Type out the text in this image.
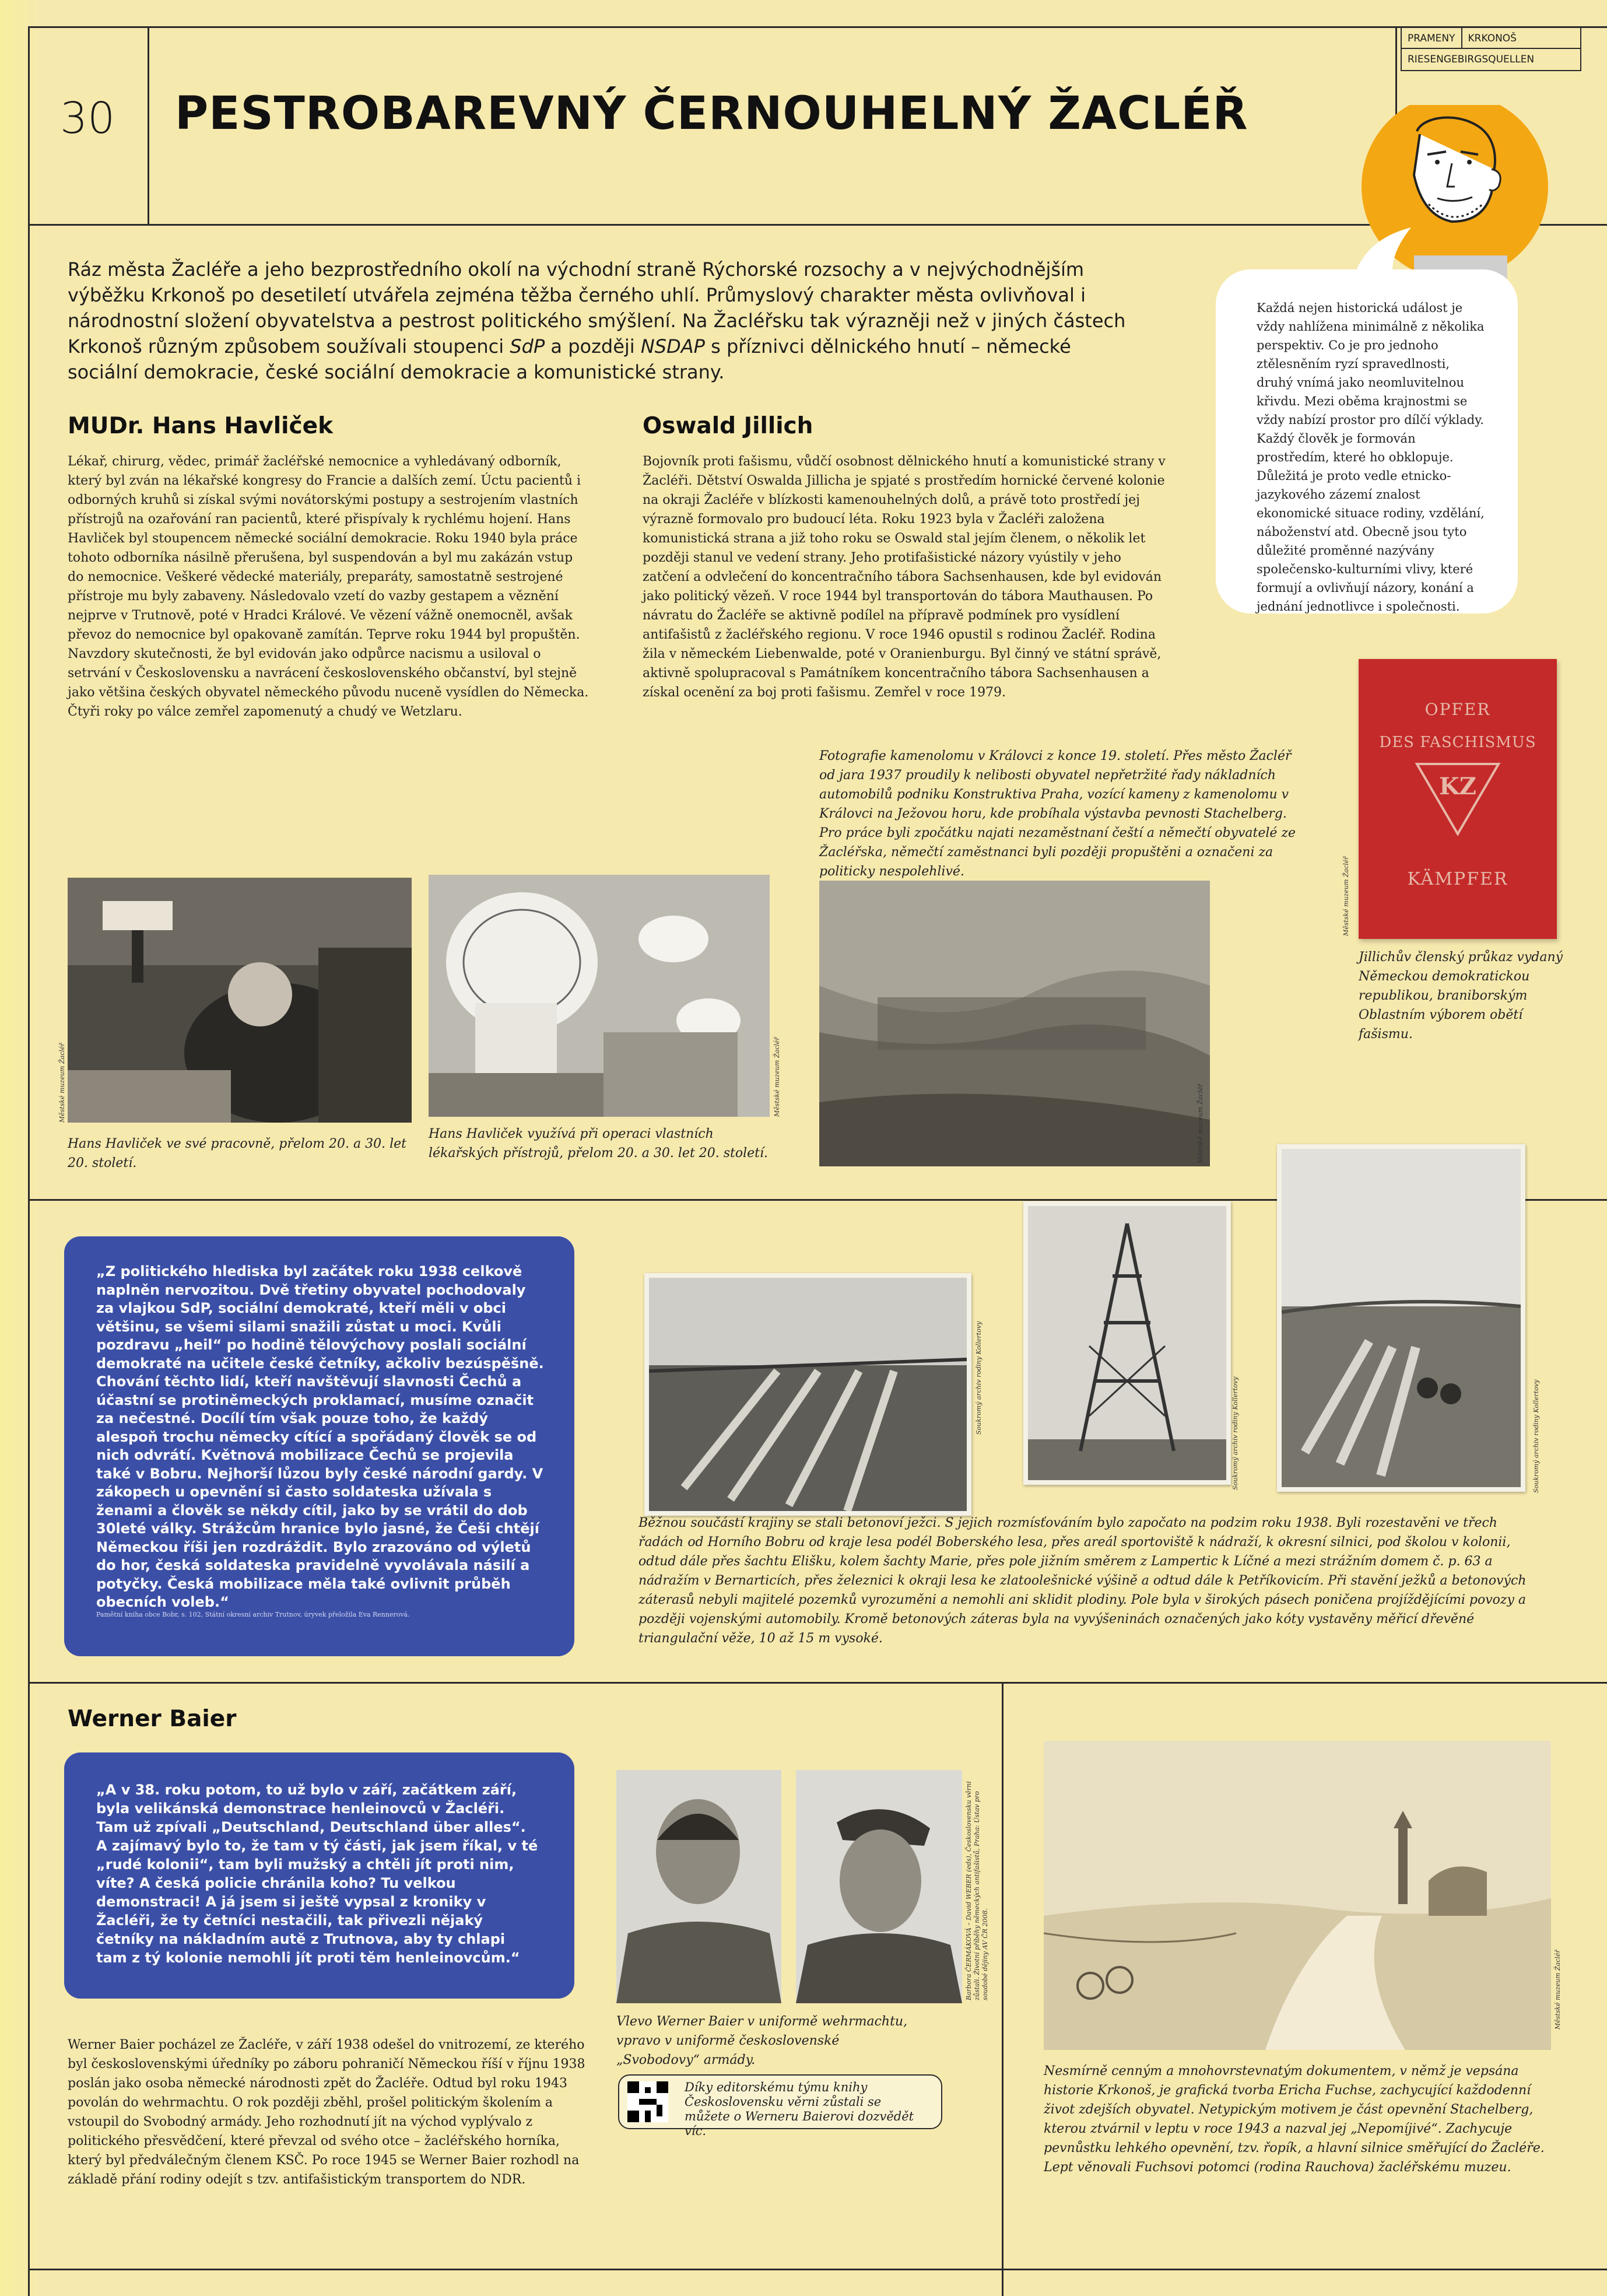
30 PESTROBAREVNÝ ČERNOUHELNÝ ŽACLÉŘ
PRAMENY	KRKONOŠ
RIESENGEBIRGSQUELLEN
Ráz města Žacléře a jeho bezprostředního okolí na východní straně Rýchorské rozsochy a v nejvýchodnějším výběžku Krkonoš po desetiletí utvářela zejména těžba černého uhlí. Průmyslový charakter města ovlivňoval i národnostní složení obyvatelstva a pestrost politického smýšlení. Na Žacléřsku tak výrazněji než v jiných částech Krkonoš různým způsobem soužívali stoupenci SdP a později NSDAP s příznivci dělnického hnutí – německé sociální demokracie, české sociální demokracie a komunistické strany.
Každá nejen historická událost je vždy nahlížena minimálně z několika perspektiv. Co je pro jednoho ztělesněním ryzí spravedlnosti, druhý vnímá jako neomluvitelnou křivdu. Mezi oběma krajnostmi se vždy nabízí prostor pro dílčí výklady. Každý člověk je formován prostředím, které ho obklopuje. Důležitá je proto vedle etnicko-jazykového zázemí znalost ekonomické situace rodiny, vzdělání, náboženství atd. Obecně jsou tyto důležité proměnné nazývány společensko-kulturními vlivy, které formují a ovlivňují názory, konání a jednání jednotlivce i společnosti.
MUDr. Hans Havliček
Lékař, chirurg, vědec, primář žacléřské nemocnice a vyhledávaný odborník, který byl zván na lékařské kongresy do Francie a dalších zemí. Úctu pacientů i odborných kruhů si získal svými novátorskými postupy a sestrojením vlastních přístrojů na ozařování ran pacientů, které přispívaly k rychlému hojení. Hans Havliček byl stoupencem německé sociální demokracie. Roku 1940 byla práce tohoto odborníka násilně přerušena, byl suspendován a byl mu zakázán vstup do nemocnice. Veškeré vědecké materiály, preparáty, samostatně sestrojené přístroje mu byly zabaveny. Následovalo vzetí do vazby gestapem a věznění nejprve v Trutnově, poté v Hradci Králové. Ve vězení vážně onemocněl, avšak převoz do nemocnice byl opakovaně zamítán. Teprve roku 1944 byl propuštěn. Navzdory skutečnosti, že byl evidován jako odpůrce nacismu a usiloval o setrvání v Československu a navrácení československého občanství, byl stejně jako většina českých obyvatel německého původu nuceně vysídlen do Německa. Čtyři roky po válce zemřel zapomenutý a chudý ve Wetzlaru.
Oswald Jillich
Bojovník proti fašismu, vůdčí osobnost dělnického hnutí a komunistické strany v Žacléři. Dětství Oswalda Jillicha je spjaté s prostředím hornické červené kolonie na okraji Žacléře v blízkosti kamenouhelných dolů, a právě toto prostředí jej výrazně formovalo pro budoucí léta. Roku 1923 byla v Žacléři založena komunistická strana a již toho roku se Oswald stal jejím členem, o několik let později stanul ve vedení strany. Jeho protifašistické názory vyústily v jeho zatčení a odvlečení do koncentračního tábora Sachsenhausen, kde byl evidován jako politický vězeň. V roce 1944 byl transportován do tábora Mauthausen. Po návratu do Žacléře se aktivně podílel na přípravě podmínek pro vysídlení antifašistů z žacléřského regionu. V roce 1946 opustil s rodinou Žacléř. Rodina žila v německém Liebenwalde, poté v Oranienburgu. Byl činný ve státní správě, aktivně spolupracoval s Památníkem koncentračního tábora Sachsenhausen a získal ocenění za boj proti fašismu. Zemřel v roce 1979.
Fotografie kamenolomu v Královci z konce 19. století. Přes město Žacléř od jara 1937 proudily k nelibosti obyvatel nepřetržité řady nákladních automobilů podniku Konstruktiva Praha, vozící kameny z kamenolomu v Královci na Ježovou horu, kde probíhala výstavba pevnosti Stachelberg. Pro práce byli zpočátku najati nezaměstnaní čeští a němečtí obyvatelé ze Žacléřska, němečtí zaměstnanci byli později propuštěni a označeni za politicky nespolehlivé.
OPFER
DES FASCHISMUS
KZ
KÄMPFER
Městské muzeum Žacléř
Jillichův členský průkaz vydaný Německou demokratickou republikou, braniborským Oblastním výborem obětí fašismu.
Městské muzeum Žacléř
Hans Havliček ve své pracovně, přelom 20. a 30. let 20. století.
Městské muzeum Žacléř
Hans Havliček využívá při operaci vlastních lékařských přístrojů, přelom 20. a 30. let 20. století.	Městské muzeum Žacléř
„Z politického hlediska byl začátek roku 1938 celkově naplněn nervozitou. Dvě třetiny obyvatel pochodovaly za vlajkou SdP, sociální demokraté, kteří měli v obci většinu, se všemi silami snažili zůstat u moci. Kvůli pozdravu „heil“ po hodině tělovýchovy poslali sociální demokraté na učitele české četníky, ačkoliv bezúspěšně. Chování těchto lidí, kteří navštěvují slavnosti Čechů a účastní se protiněmeckých proklamací, musíme označit za nečestné. Docílí tím však pouze toho, že každý alespoň trochu německy cítící a spořádaný člověk se od nich odvrátí. Květnová mobilizace Čechů se projevila také v Bobru. Nejhorší lůzou byly české národní gardy. V zákopech u opevnění si často soldateska užívala s ženami a člověk se někdy cítil, jako by se vrátil do dob 30leté války. Strážcům hranice bylo jasné, že Češi chtějí Německou říši jen rozdráždit. Bylo zrazováno od výletů do hor, česká soldateska pravidelně vyvolávala násilí a potyčky. Česká mobilizace měla také ovlivnit průběh obecních voleb.“
Pamětní kniha obce Bobr, s. 102, Státní okresní archiv Trutnov, úryvek přeložila Eva Rennerová.
Soukromý archiv rodiny Kollertovy	Soukromý archiv rodiny Kollertovy	Soukromý archiv rodiny Kollertovy
Běžnou součástí krajiny se stali betonoví ježci. S jejich rozmísťováním bylo započato na podzim roku 1938. Byli rozestavěni ve třech řadách od Horního Bobru od kraje lesa podél Boberského lesa, přes areál sportoviště k nádraží, k okresní silnici, pod školou v kolonii, odtud dále přes šachtu Elišku, kolem šachty Marie, přes pole jižním směrem z Lampertic k Líčné a mezi strážním domem č. p. 63 a nádražím v Bernarticích, přes železnici k okraji lesa ke zlatoolešnické výšině a odtud dále k Petříkovicím. Při stavění ježků a betonových záterasů nebyli majitelé pozemků vyrozuměni a nemohli ani sklidit plodiny. Pole byla v širokých pásech poničena projíždějícími povozy a později vojenskými automobily. Kromě betonových záteras byla na vyvýšeninách označených jako kóty vystavěny měřicí dřevěné triangulační věže, 10 až 15 m vysoké.
Werner Baier
„A v 38. roku potom, to už bylo v září, začátkem září, byla velikánská demonstrace henleinovců v Žacléři. Tam už zpívali „Deutschland, Deutschland über alles“. A zajímavý bylo to, že tam v tý části, jak jsem říkal, v té „rudé kolonii“, tam byli mužský a chtěli jít proti nim, víte? A česká policie chránila koho? Tu velkou demonstraci! A já jsem si ještě vypsal z kroniky v Žacléři, že ty četníci nestačili, tak přivezli nějaký četníky na nákladním autě z Trutnova, aby ty chlapi tam z tý kolonie nemohli jít proti těm henleinovcům.“
Werner Baier pocházel ze Žacléře, v září 1938 odešel do vnitrozemí, ze kterého byl československými úředníky po záboru pohraničí Německou říší v říjnu 1938 poslán jako osoba německé národnosti zpět do Žacléře. Odtud byl roku 1943 povolán do wehrmachtu. O rok později zběhl, prošel politickým školením a vstoupil do Svobodný armády. Jeho rozhodnutí jít na východ vyplývalo z politického přesvědčení, které převzal od svého otce – žacléřského horníka, který byl předválečným členem KSČ. Po roce 1945 se Werner Baier rozhodl na základě přání rodiny odejít s tzv. antifašistickým transportem do NDR.
Barbora ČERMÁKOVÁ – David WEBER (eds), Československu věrni zůstali. Životní příběhy německých antifašistů, Praha: Ústav pro soudobé dějiny AV ČR 2008.
Vlevo Werner Baier v uniformě wehrmachtu, vpravo v uniformě československé „Svobodovy“ armády.
Díky editorskému týmu knihy Československu věrni zůstali se můžete o Werneru Baierovi dozvědět víc.
Městské muzeum Žacléř
Nesmírně cenným a mnohovrstevnatým dokumentem, v němž je vepsána historie Krkonoš, je grafická tvorba Ericha Fuchse, zachycující každodenní život zdejších obyvatel. Netypickým motivem je část opevnění Stachelberg, kterou ztvárnil v leptu v roce 1943 a nazval jej „Nepomíjivé“. Zachycuje pevnůstku lehkého opevnění, tzv. řopík, a hlavní silnice směřující do Žacléře. Lept věnovali Fuchsovi potomci (rodina Rauchova) žacléřskému muzeu.
